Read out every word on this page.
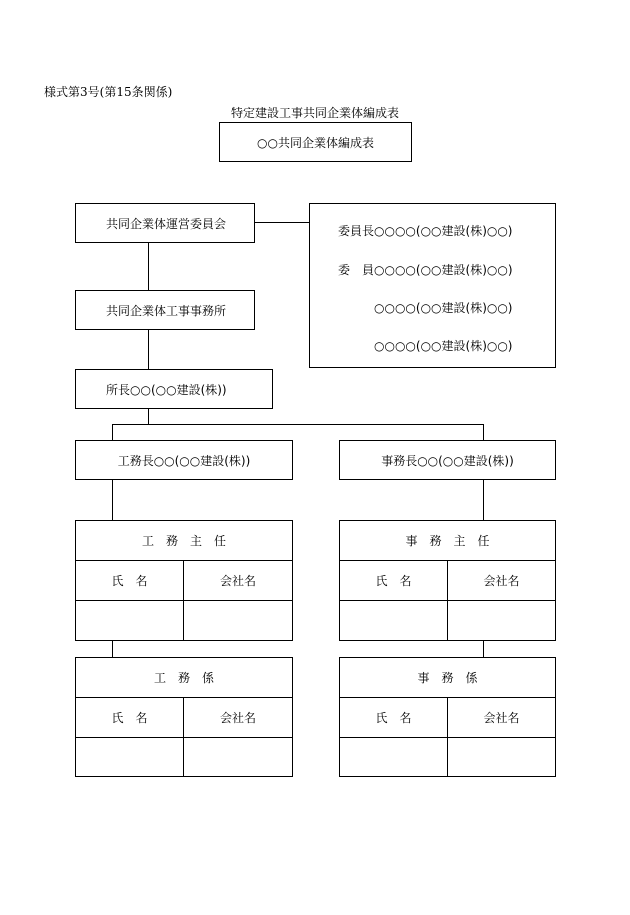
様式第3号(第15条関係)
特定建設工事共同企業体編成表
○○共同企業体編成表
共同企業体運営委員会
委員長○○○○(○○建設(株)○○)
委　員○○○○(○○建設(株)○○)
○○○○(○○建設(株)○○)
○○○○(○○建設(株)○○)
共同企業体工事事務所
所長○○(○○建設(株))
工務長○○(○○建設(株))	事務長○○(○○建設(株))
工　務　主　任
氏　名	会社名
事　務　主　任
氏　名	会社名
工　務　係
氏　名	会社名
事　務　係
氏　名	会社名
